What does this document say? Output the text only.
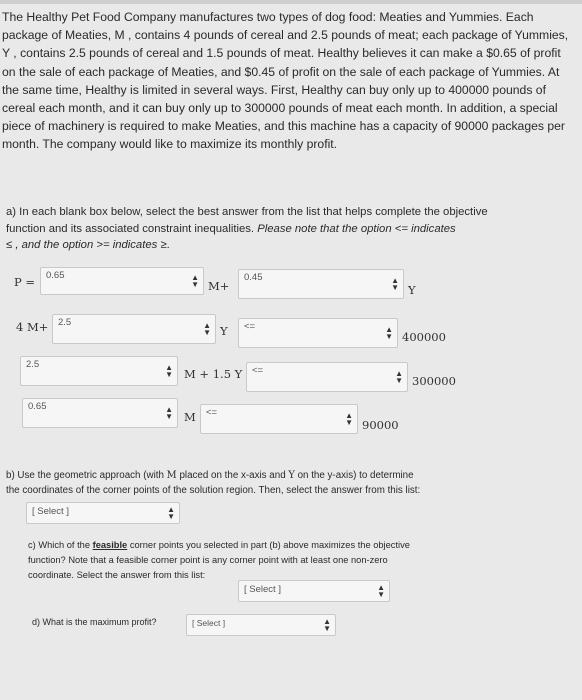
The Healthy Pet Food Company manufactures two types of dog food: Meaties and Yummies. Each package of Meaties, M , contains 4 pounds of cereal and 2.5 pounds of meat; each package of Yummies, Y , contains 2.5 pounds of cereal and 1.5 pounds of meat. Healthy believes it can make a $0.65 of profit on the sale of each package of Meaties, and $0.45 of profit on the sale of each package of Yummies. At the same time, Healthy is limited in several ways. First, Healthy can buy only up to 400000 pounds of cereal each month, and it can buy only up to 300000 pounds of meat each month. In addition, a special piece of machinery is required to make Meaties, and this machine has a capacity of 90000 packages per month. The company would like to maximize its monthly profit.
a) In each blank box below, select the best answer from the list that helps complete the objective
function and its associated constraint inequalities. Please note that the option <= indicates
≤ , and the option >= indicates ≥.
P =	0.65	▲
▼ M+
0.45	▲
▼ Y
4 M+	2.5	▲
▼ Y	<=	▲
▼ 400000
2.5	▲
▼ M + 1.5 Y	<=	▲
▼ 300000
0.65	▲
▼ M	<=	▲
▼ 90000
b) Use the geometric approach (with M placed on the x-axis and Y on the y-axis) to determine
the coordinates of the corner points of the solution region. Then, select the answer from this list:
[ Select ]	▲
▼
c) Which of the feasible corner points you selected in part (b) above maximizes the objective
function? Note that a feasible corner point is any corner point with at least one non-zero
coordinate. Select the answer from this list:
[ Select ]	▲
▼
d) What is the maximum profit?	[ Select ]	▲
▼
